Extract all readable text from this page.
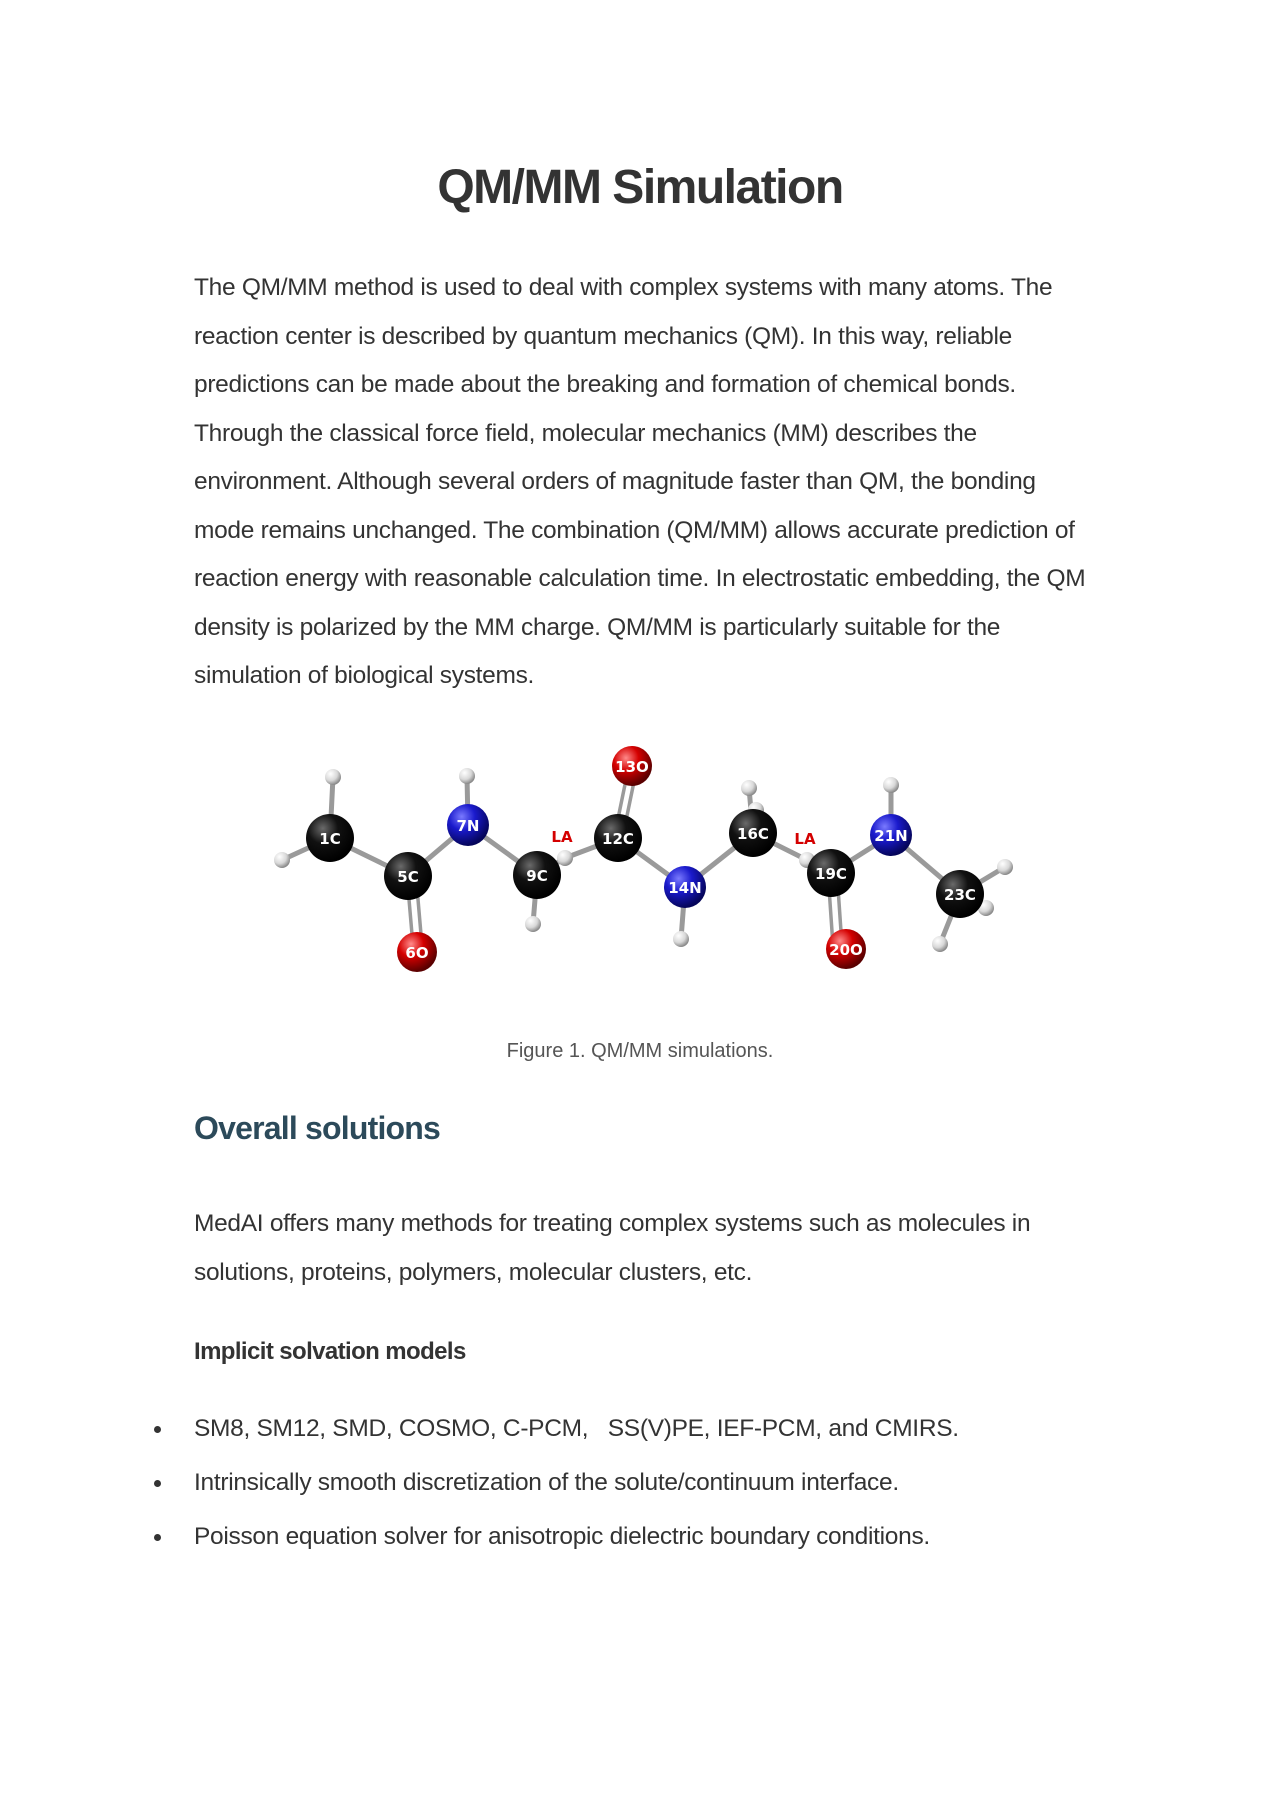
QM/MM Simulation

The QM/MM method is used to deal with complex systems with many atoms. The reaction center is described by quantum mechanics (QM). In this way, reliable predictions can be made about the breaking and formation of chemical bonds. Through the classical force field, molecular mechanics (MM) describes the environment. Although several orders of magnitude faster than QM, the bonding mode remains unchanged. The combination (QM/MM) allows accurate prediction of reaction energy with reasonable calculation time. In electrostatic embedding, the QM density is polarized by the MM charge. QM/MM is particularly suitable for the simulation of biological systems.

1C
5C
6O
7N
9C
12C
13O
14N
16C
19C
20O
21N
23C
LA	LA

Figure 1. QM/MM simulations.

Overall solutions

MedAI offers many methods for treating complex systems such as molecules in solutions, proteins, polymers, molecular clusters, etc.

Implicit solvation models
SM8, SM12, SMD, COSMO, C-PCM,   SS(V)PE, IEF-PCM, and CMIRS.
Intrinsically smooth discretization of the solute/continuum interface.
Poisson equation solver for anisotropic dielectric boundary conditions.
